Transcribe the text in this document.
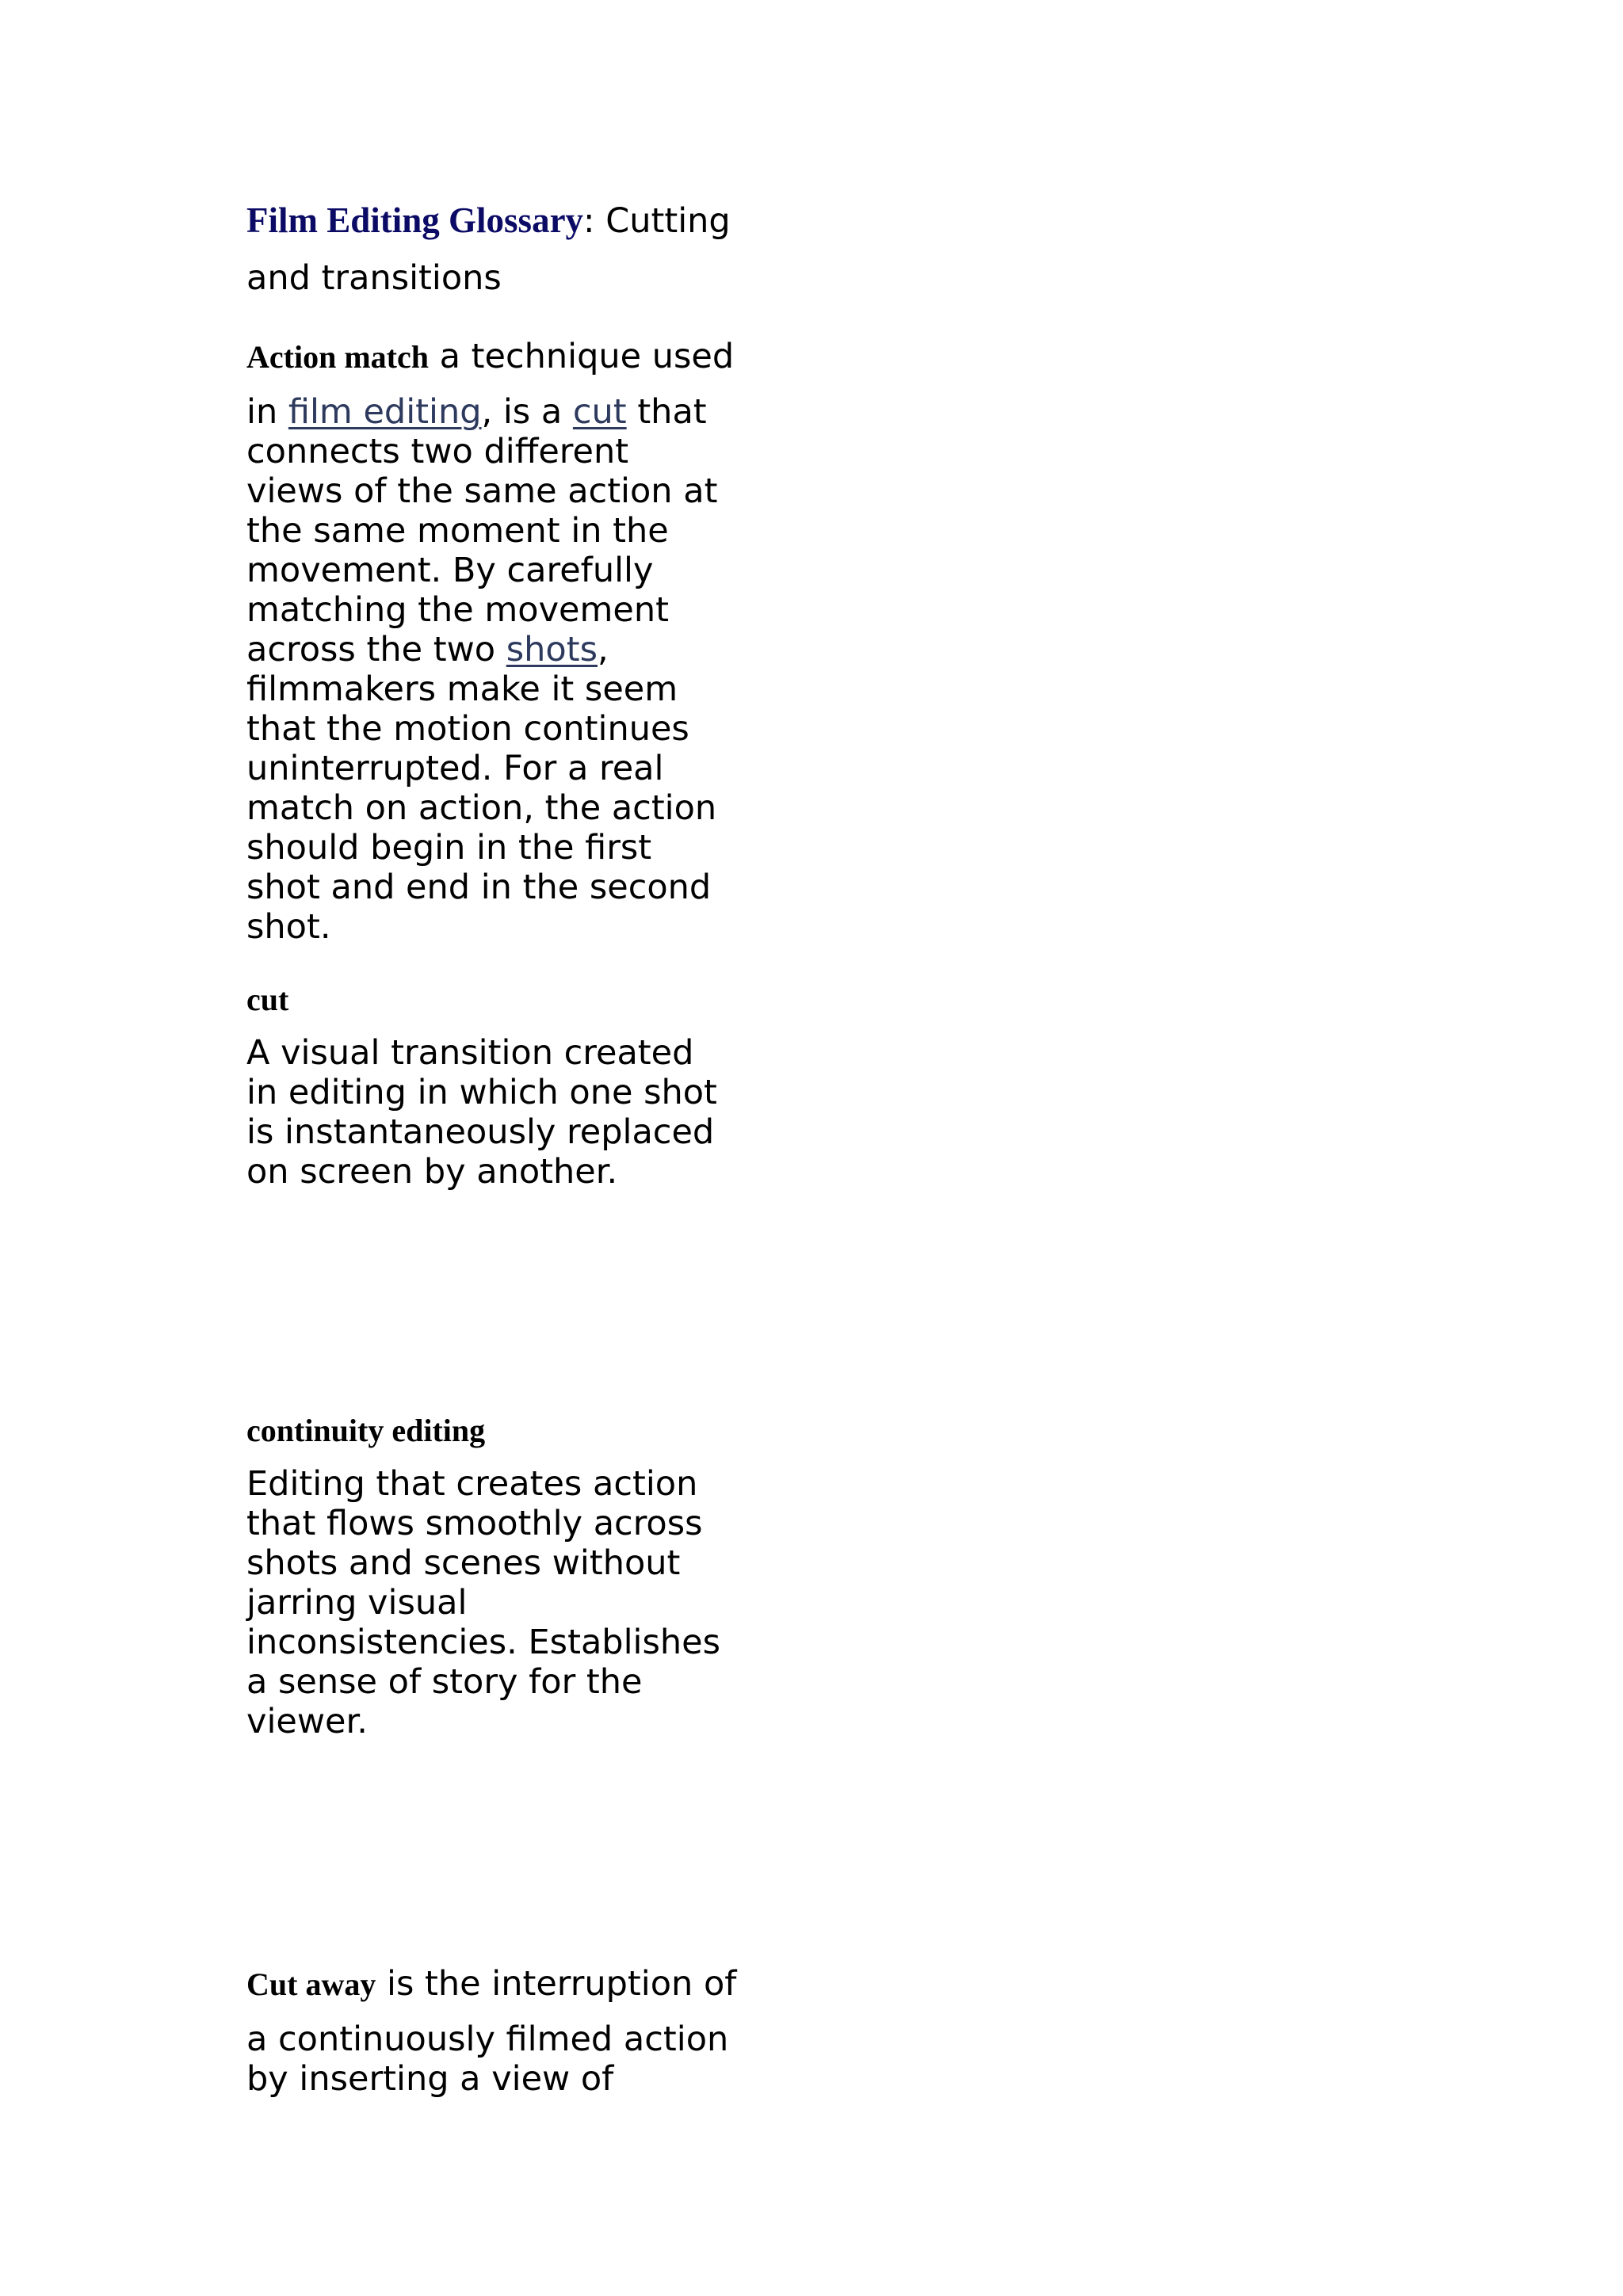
Film Editing Glossary: Cutting
and transitions
Action match a technique used
in film editing, is a cut that
connects two different
views of the same action at
the same moment in the
movement. By carefully
matching the movement
across the two shots,
filmmakers make it seem
that the motion continues
uninterrupted. For a real
match on action, the action
should begin in the first
shot and end in the second
shot.
cut
A visual transition created
in editing in which one shot
is instantaneously replaced
on screen by another.
continuity editing
Editing that creates action
that flows smoothly across
shots and scenes without
jarring visual
inconsistencies. Establishes
a sense of story for the
viewer.
Cut away is the interruption of
a continuously filmed action
by inserting a view of
